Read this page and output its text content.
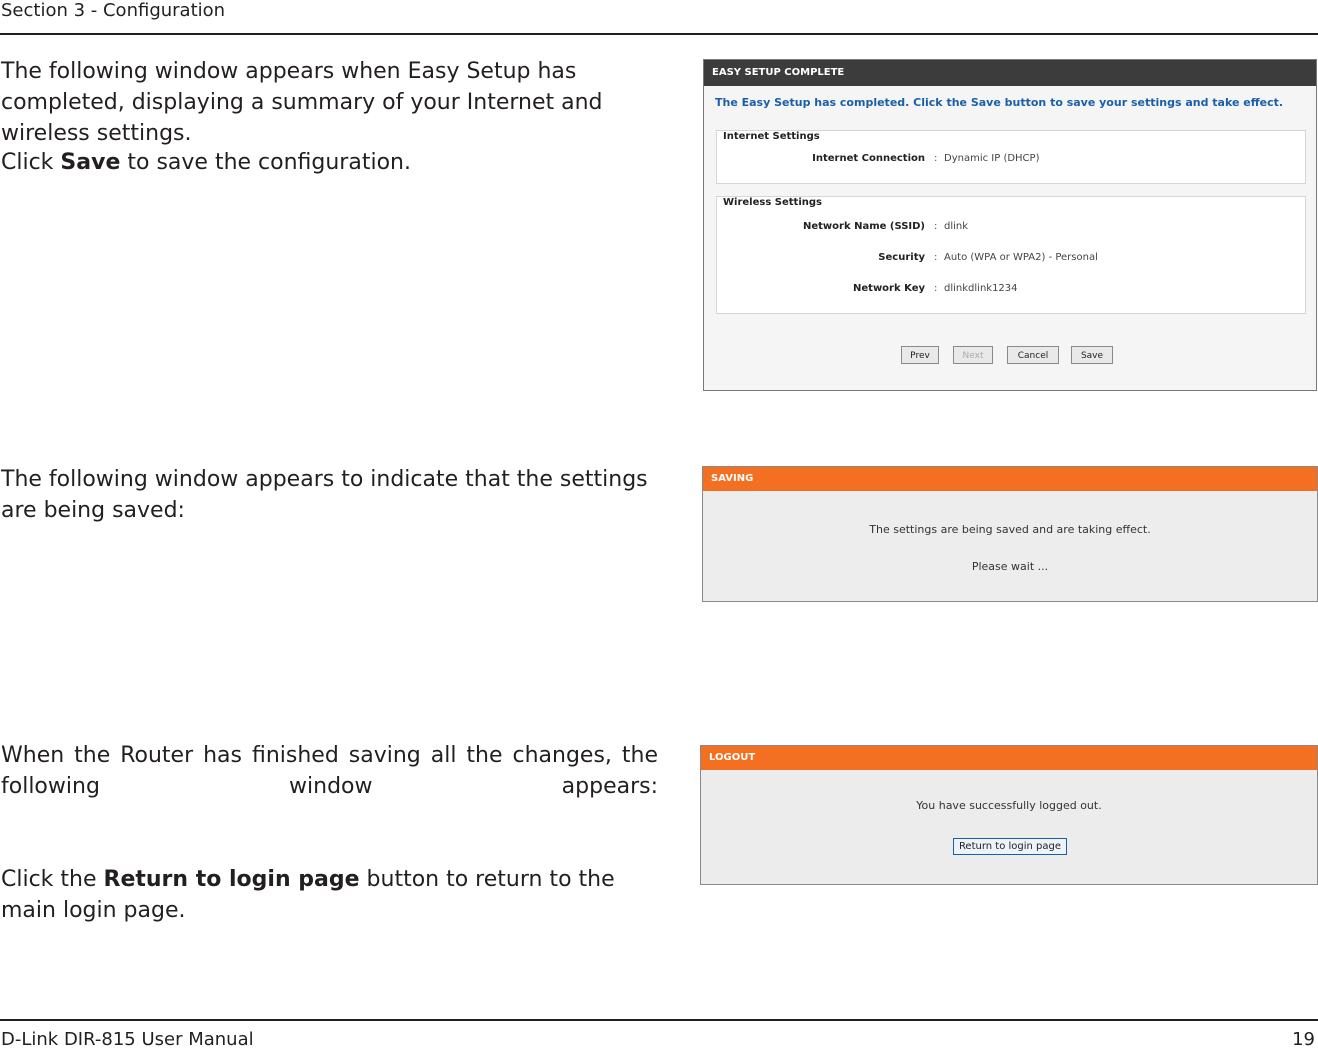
Section 3 - Configuration

The following window appears when Easy Setup has completed, displaying a summary of your Internet and wireless settings.

Click Save to save the configuration.

EASY SETUP COMPLETE
The Easy Setup has completed. Click the Save button to save your settings and take effect.
Internet Settings
Internet Connection : Dynamic IP (DHCP)
Wireless Settings
Network Name (SSID) : dlink
Security : Auto (WPA or WPA2) - Personal
Network Key : dlinkdlink1234
Prev	Next	Cancel	Save

The following window appears to indicate that the settings are being saved:

SAVING
The settings are being saved and are taking effect.
Please wait ...

When the Router has finished saving all the changes, the following window appears:

Click the Return to login page button to return to the main login page.

LOGOUT
You have successfully logged out.
Return to login page
D-Link DIR-815 User Manual	19
